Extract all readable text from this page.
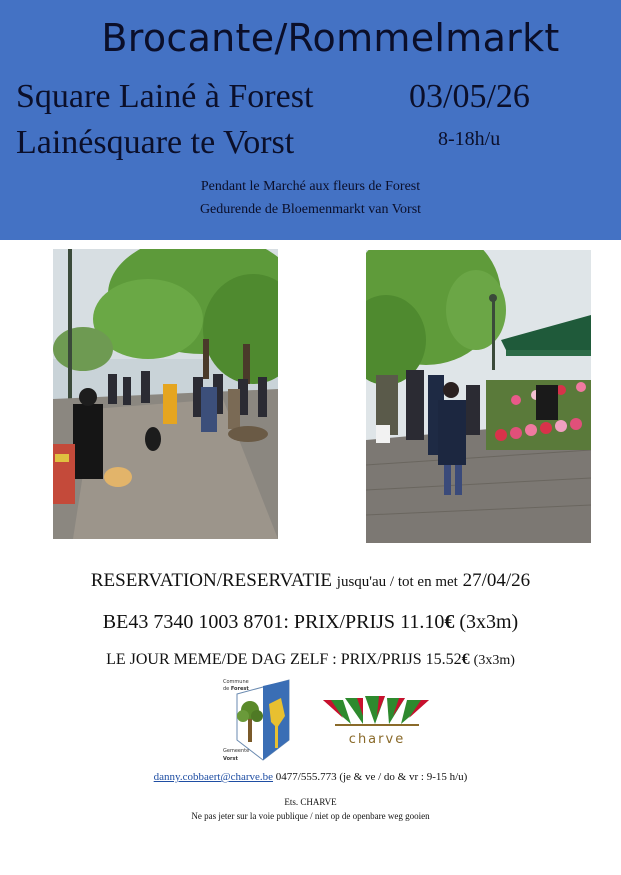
Brocante/Rommelmarkt
Square Lainé à Forest
Lainésquare te Vorst
03/05/26
8-18h/u
Pendant le Marché aux fleurs de Forest
Gedurende de Bloemenmarkt van Vorst
RESERVATION/RESERVATIE jusqu'au / tot en met 27/04/26
BE43 7340 1003 8701: PRIX/PRIJS 11.10€ (3x3m)
LE JOUR MEME/DE DAG ZELF : PRIX/PRIJS 15.52€ (3x3m)
Commune
de Forest
Gemeente
Vorst
charve
danny.cobbaert@charve.be 0477/555.773 (je & ve / do & vr : 9-15 h/u)
Ets. CHARVE
Ne pas jeter sur la voie publique / niet op de openbare weg gooien
